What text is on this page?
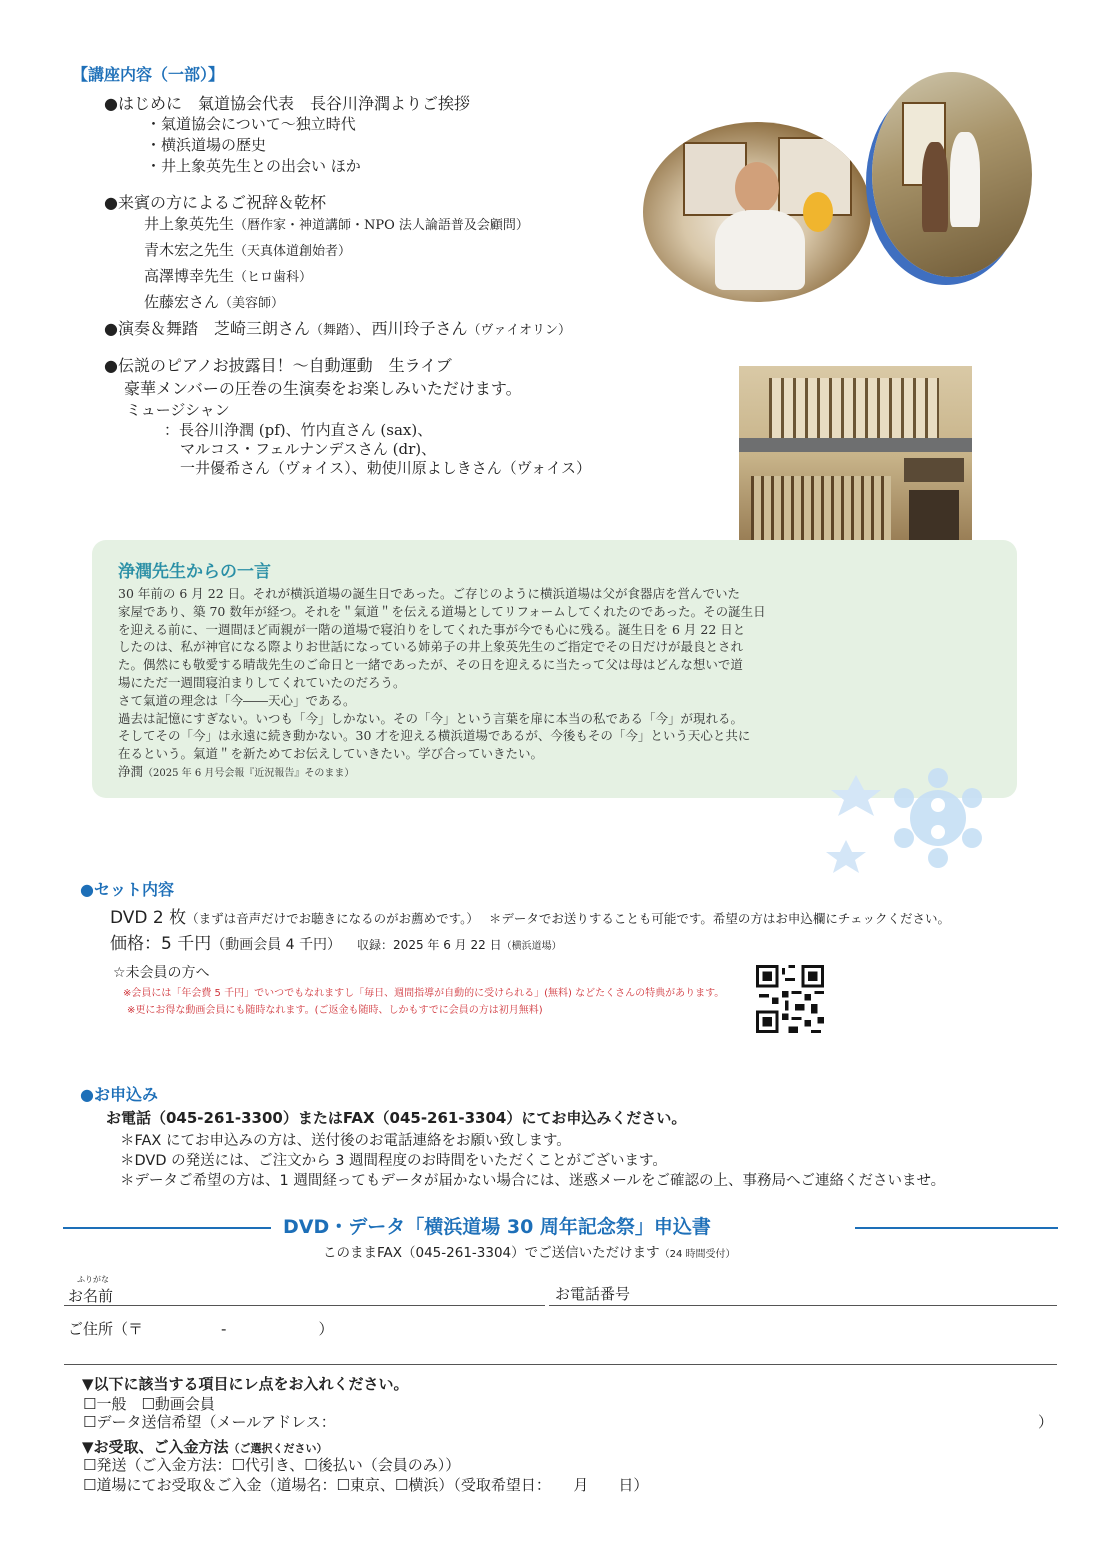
【講座内容（一部）】
●はじめに　氣道協会代表　長谷川浄潤よりご挨拶
・氣道協会について～独立時代
・横浜道場の歴史
・井上象英先生との出会い ほか
●来賓の方によるご祝辞＆乾杯
井上象英先生（暦作家・神道講師・NPO 法人論語普及会顧問）
青木宏之先生（天真体道創始者）
高澤博幸先生（ヒロ歯科）
佐藤宏さん（美容師）
●演奏＆舞踏　芝崎三朗さん（舞踏）、西川玲子さん（ヴァイオリン）
●伝説のピアノお披露目！～自動運動　生ライブ
豪華メンバーの圧巻の生演奏をお楽しみいただけます。
ミュージシャン
：長谷川浄潤 (pf)、竹内直さん (sax)、
マルコス・フェルナンデスさん (dr)、
一井優希さん（ヴォイス）、勅使川原よしきさん（ヴォイス）
浄潤先生からの一言
30 年前の 6 月 22 日。それが横浜道場の誕生日であった。ご存じのように横浜道場は父が食器店を営んでいた
家屋であり、築 70 数年が経つ。それを＂氣道＂を伝える道場としてリフォームしてくれたのであった。その誕生日
を迎える前に、一週間ほど両親が一階の道場で寝泊りをしてくれた事が今でも心に残る。誕生日を 6 月 22 日と
したのは、私が神官になる際よりお世話になっている姉弟子の井上象英先生のご指定でその日だけが最良とされ
た。偶然にも敬愛する晴哉先生のご命日と一緒であったが、その日を迎えるに当たって父は母はどんな想いで道
場にただ一週間寝泊まりしてくれていたのだろう。
さて氣道の理念は「今――天心」である。
過去は記憶にすぎない。いつも「今」しかない。その「今」という言葉を扉に本当の私である「今」が現れる。
そしてその「今」は永遠に続き動かない。30 才を迎える横浜道場であるが、今後もその「今」という天心と共に
在るという。氣道＂を新ためてお伝えしていきたい。学び合っていきたい。
浄潤（2025 年 6 月号会報『近況報告』そのまま）
●セット内容
DVD 2 枚（まずは音声だけでお聴きになるのがお薦めです。） ＊データでお送りすることも可能です。希望の方はお申込欄にチェックください。
価格：5 千円（動画会員 4 千円） 収録：2025 年 6 月 22 日（横浜道場）
☆未会員の方へ
※会員には「年会費 5 千円」でいつでもなれますし「毎日、週間指導が自動的に受けられる」(無料) などたくさんの特典があります。
※更にお得な動画会員にも随時なれます。(ご返金も随時、しかもすでに会員の方は初月無料)
●お申込み
お電話（045-261-3300）またはFAX（045-261-3304）にてお申込みください。
＊FAX にてお申込みの方は、送付後のお電話連絡をお願い致します。
＊DVD の発送には、ご注文から 3 週間程度のお時間をいただくことがございます。
＊データご希望の方は、1 週間経ってもデータが届かない場合には、迷惑メールをご確認の上、事務局へご連絡くださいませ。
DVD・データ「横浜道場 30 周年記念祭」申込書
このままFAX（045-261-3304）でご送信いただけます（24 時間受付）
ふりがな
お名前	お電話番号
ご住所（〒	-	）
▼以下に該当する項目にレ点をお入れください。
☐一般　☐動画会員
☐データ送信希望（メールアドレス：	）
▼お受取、ご入金方法（ご選択ください）
☐発送（ご入金方法：☐代引き、☐後払い（会員のみ））
☐道場にてお受取＆ご入金（道場名：☐東京、☐横浜）（受取希望日：　　月　　日）
